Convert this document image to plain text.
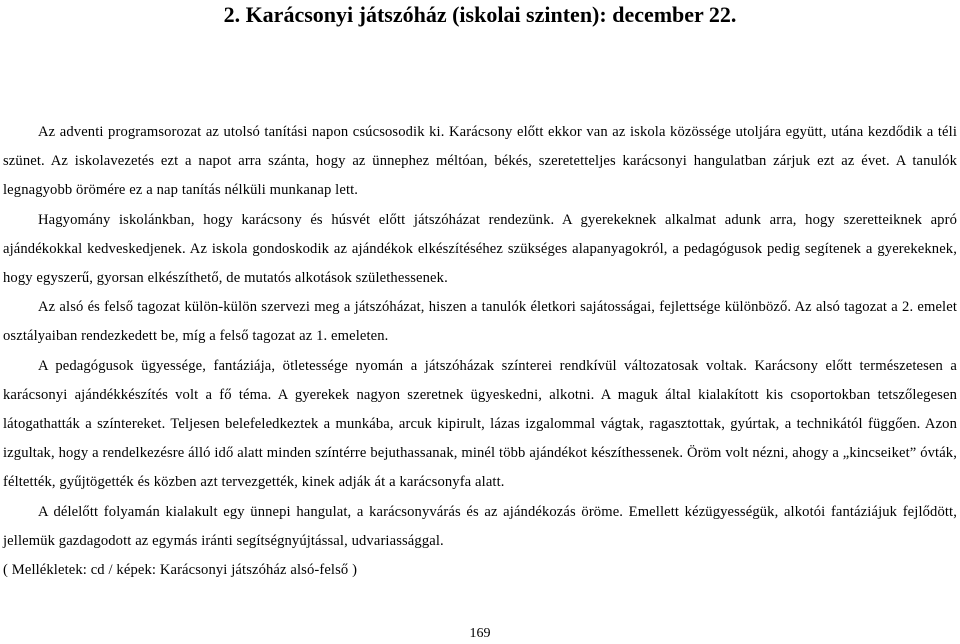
2. Karácsonyi játszóház (iskolai szinten): december 22.

Az adventi programsorozat az utolsó tanítási napon csúcsosodik ki. Karácsony előtt ekkor van az iskola közössége utoljára együtt, utána kezdődik a téli szünet. Az iskolavezetés ezt a napot arra szánta, hogy az ünnephez méltóan, békés, szeretetteljes karácsonyi hangulatban zárjuk ezt az évet. A tanulók legnagyobb örömére ez a nap tanítás nélküli munkanap lett.

Hagyomány iskolánkban, hogy karácsony és húsvét előtt játszóházat rendezünk. A gyerekeknek alkalmat adunk arra, hogy szeretteiknek apró ajándékokkal kedveskedjenek. Az iskola gondoskodik az ajándékok elkészítéséhez szükséges alapanyagokról, a pedagógusok pedig segítenek a gyerekeknek, hogy egyszerű, gyorsan elkészíthető, de mutatós alkotások születhessenek.

Az alsó és felső tagozat külön-külön szervezi meg a játszóházat, hiszen a tanulók életkori sajátosságai, fejlettsége különböző. Az alsó tagozat a 2. emelet osztályaiban rendezkedett be, míg a felső tagozat az 1. emeleten.

A pedagógusok ügyessége, fantáziája, ötletessége nyomán a játszóházak színterei rendkívül változatosak voltak. Karácsony előtt természetesen a karácsonyi ajándékkészítés volt a fő téma. A gyerekek nagyon szeretnek ügyeskedni, alkotni. A maguk által kialakított kis csoportokban tetszőlegesen látogathatták a színtereket. Teljesen belefeledkeztek a munkába, arcuk kipirult, lázas izgalommal vágtak, ragasztottak, gyúrtak, a technikától függően. Azon izgultak, hogy a rendelkezésre álló idő alatt minden színtérre bejuthassanak, minél több ajándékot készíthessenek. Öröm volt nézni, ahogy a „kincseiket” óvták, féltették, gyűjtögették és közben azt tervezgették, kinek adják át a karácsonyfa alatt.

A délelőtt folyamán kialakult egy ünnepi hangulat, a karácsonyvárás és az ajándékozás öröme. Emellett kézügyességük, alkotói fantáziájuk fejlődött, jellemük gazdagodott az egymás iránti segítségnyújtással, udvariassággal.

( Mellékletek: cd / képek: Karácsonyi játszóház alsó-felső )

169
